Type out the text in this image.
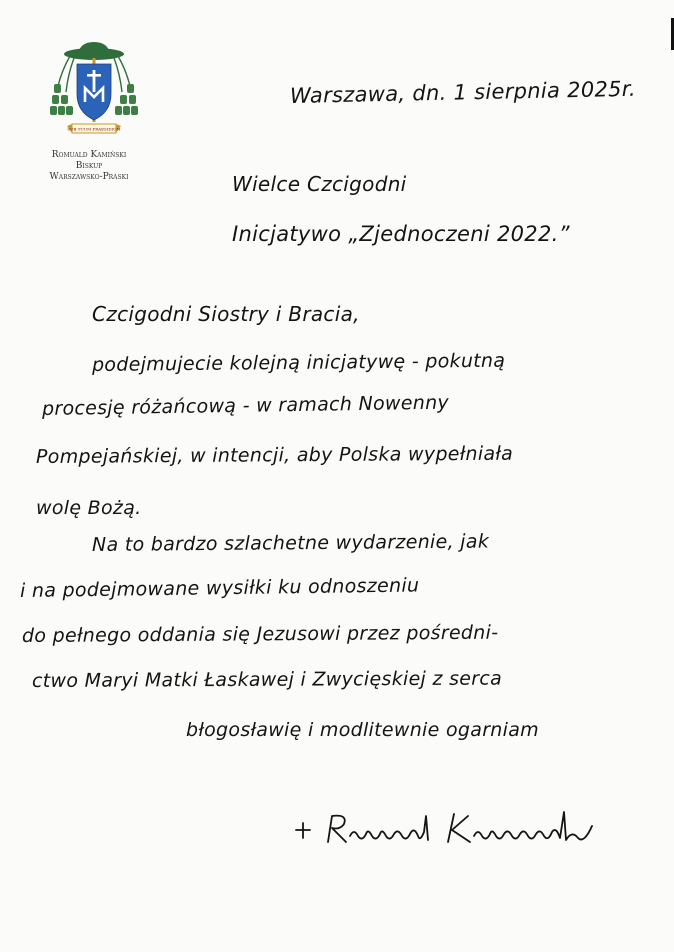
SUB TUUM PRAESIDIUM
Romuald Kamiński
Biskup
Warszawsko-Praski
Warszawa, dn. 1 sierpnia 2025r.
Wielce Czcigodni
Inicjatywo „Zjednoczeni 2022.”
Czcigodni Siostry i Bracia,
podejmujecie kolejną inicjatywę - pokutną
procesję różańcową - w ramach Nowenny
Pompejańskiej, w intencji, aby Polska wypełniała
wolę Bożą.
Na to bardzo szlachetne wydarzenie, jak
i na podejmowane wysiłki ku odnoszeniu
do pełnego oddania się Jezusowi przez pośredni-
ctwo Maryi Matki Łaskawej i Zwycięskiej z serca
błogosławię i modlitewnie ogarniam
